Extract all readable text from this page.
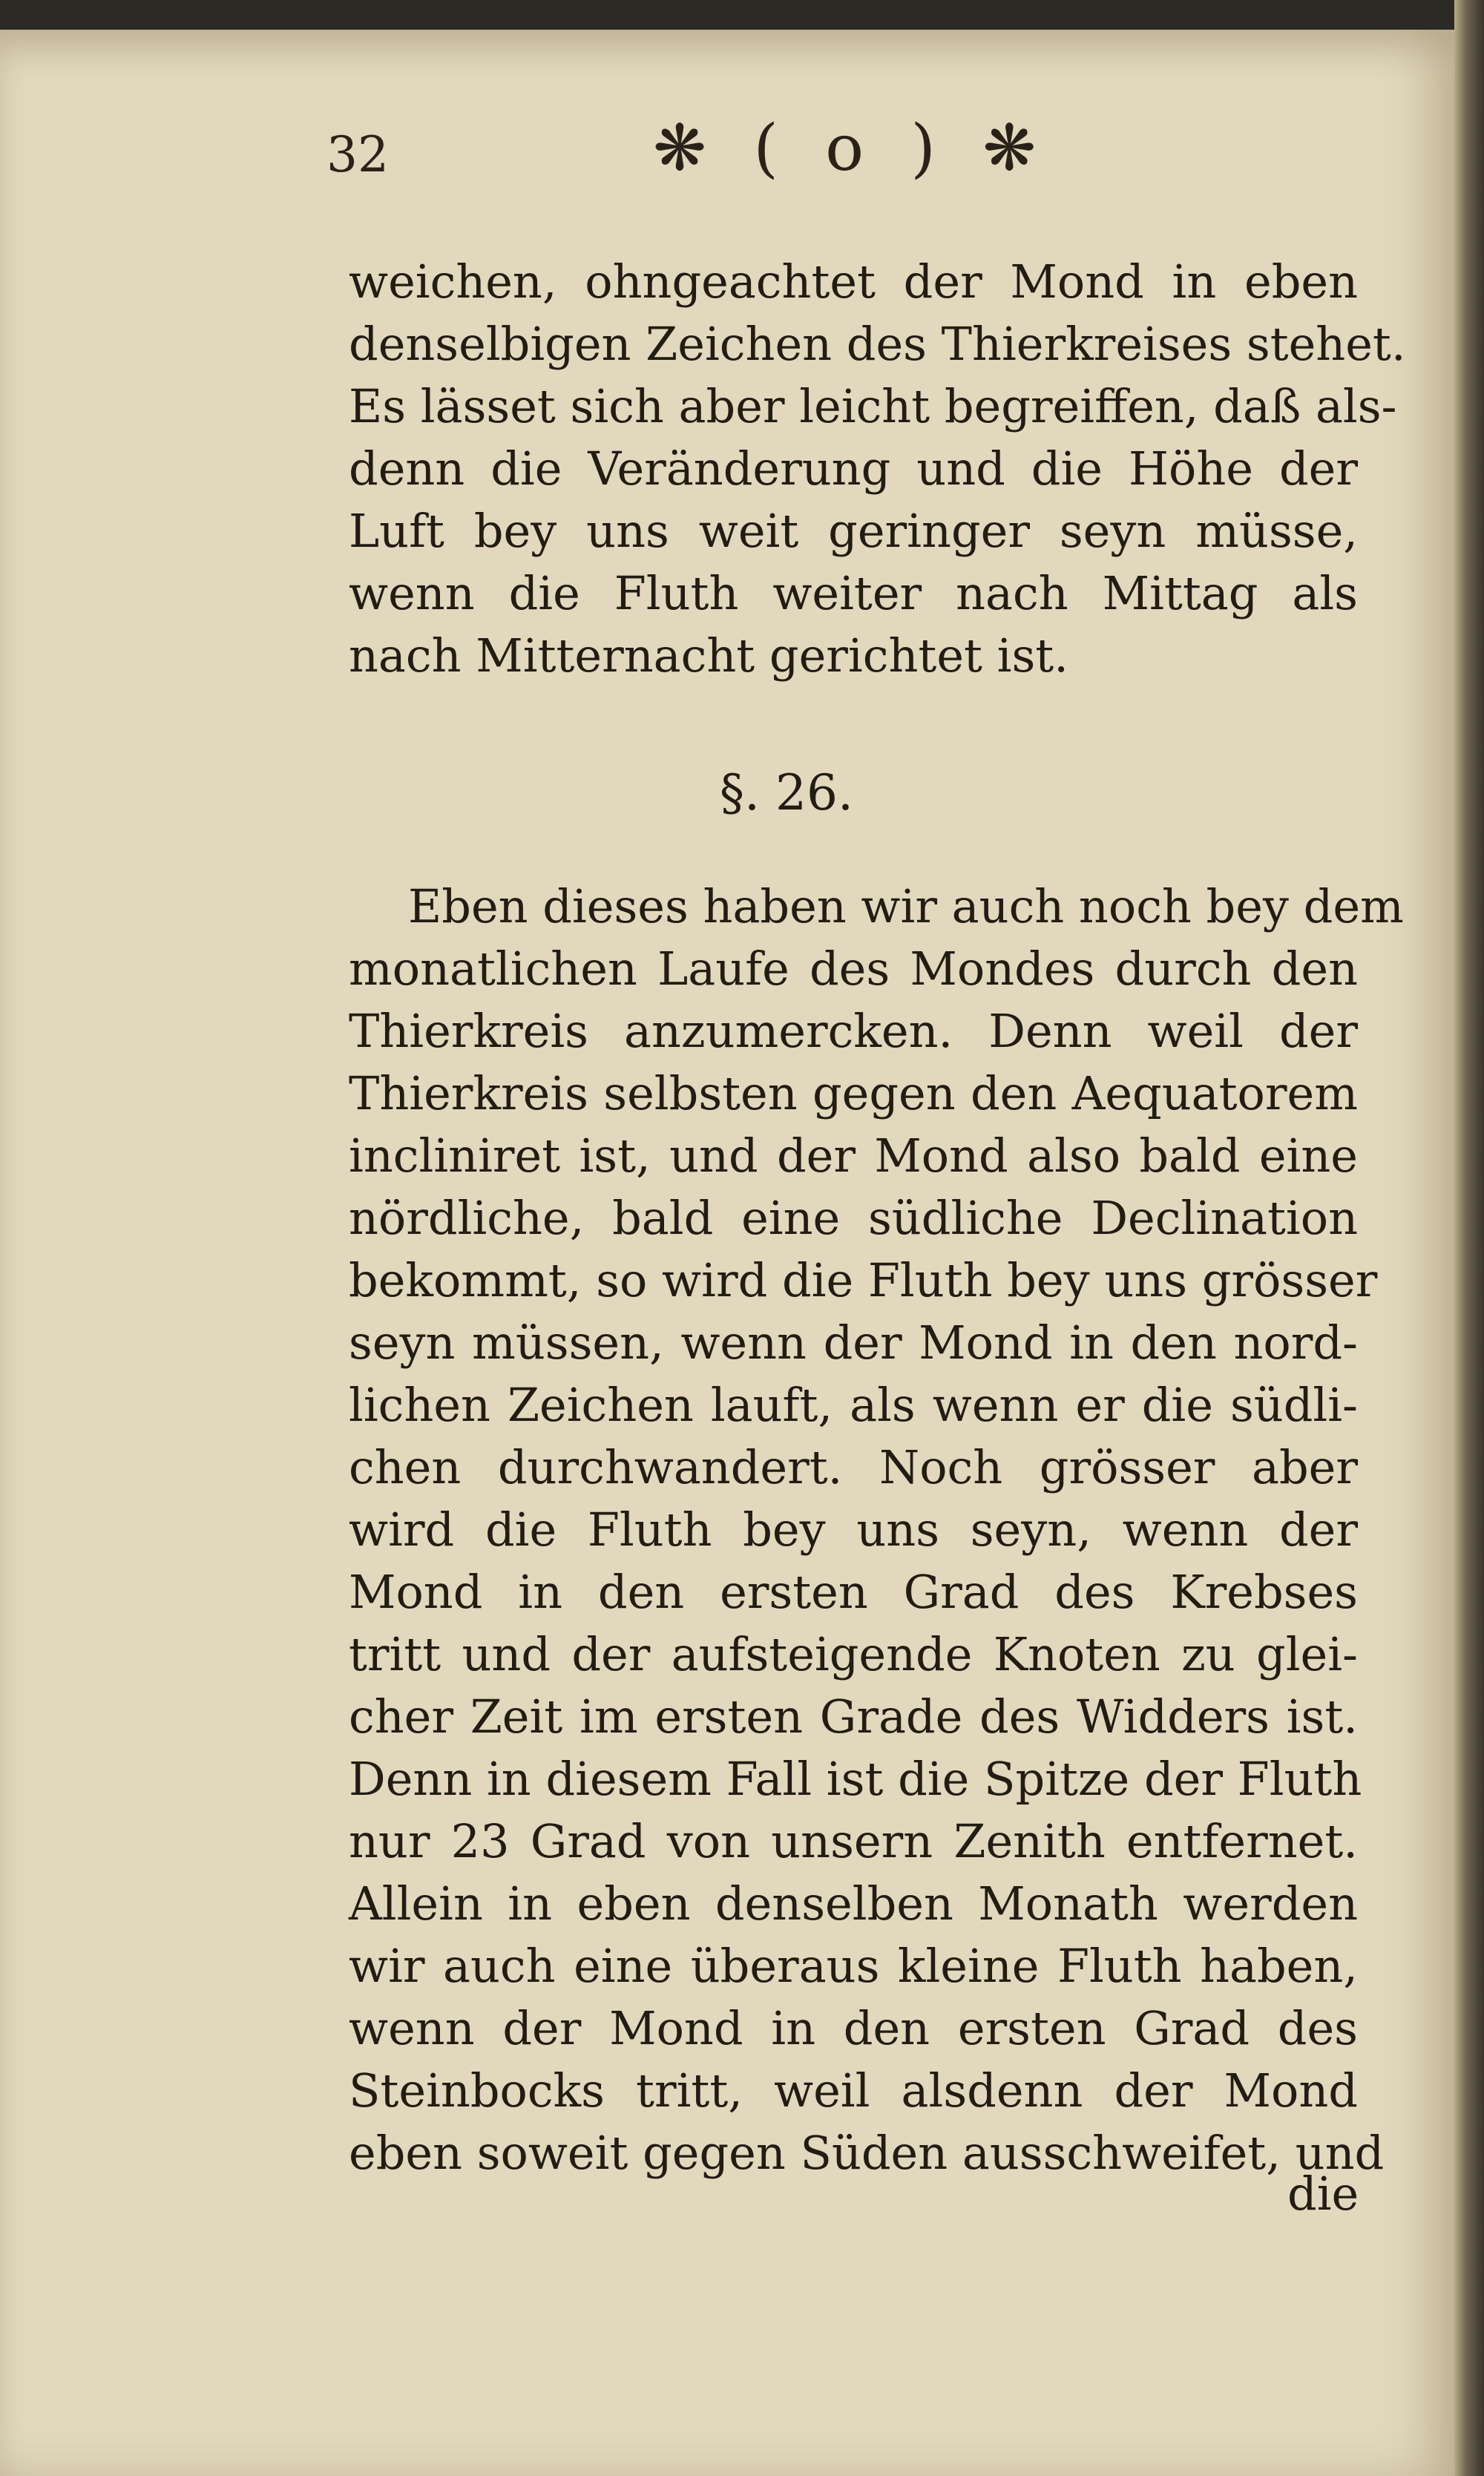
32	❋ ( o ) ❋
weichen, ohngeachtet der Mond in eben
denselbigen Zeichen des Thierkreises stehet.
Es lässet sich aber leicht begreiffen, daß als-
denn die Veränderung und die Höhe der
Luft bey uns weit geringer seyn müsse,
wenn die Fluth weiter nach Mittag als
nach Mitternacht gerichtet ist.
§. 26.
Eben dieses haben wir auch noch bey dem
monatlichen Laufe des Mondes durch den
Thierkreis anzumercken. Denn weil der
Thierkreis selbsten gegen den Aequatorem
incliniret ist, und der Mond also bald eine
nördliche, bald eine südliche Declination
bekommt, so wird die Fluth bey uns grösser
seyn müssen, wenn der Mond in den nord-
lichen Zeichen lauft, als wenn er die südli-
chen durchwandert. Noch grösser aber
wird die Fluth bey uns seyn, wenn der
Mond in den ersten Grad des Krebses
tritt und der aufsteigende Knoten zu glei-
cher Zeit im ersten Grade des Widders ist.
Denn in diesem Fall ist die Spitze der Fluth
nur 23 Grad von unsern Zenith entfernet.
Allein in eben denselben Monath werden
wir auch eine überaus kleine Fluth haben,
wenn der Mond in den ersten Grad des
Steinbocks tritt, weil alsdenn der Mond
eben soweit gegen Süden ausschweifet, und
die
